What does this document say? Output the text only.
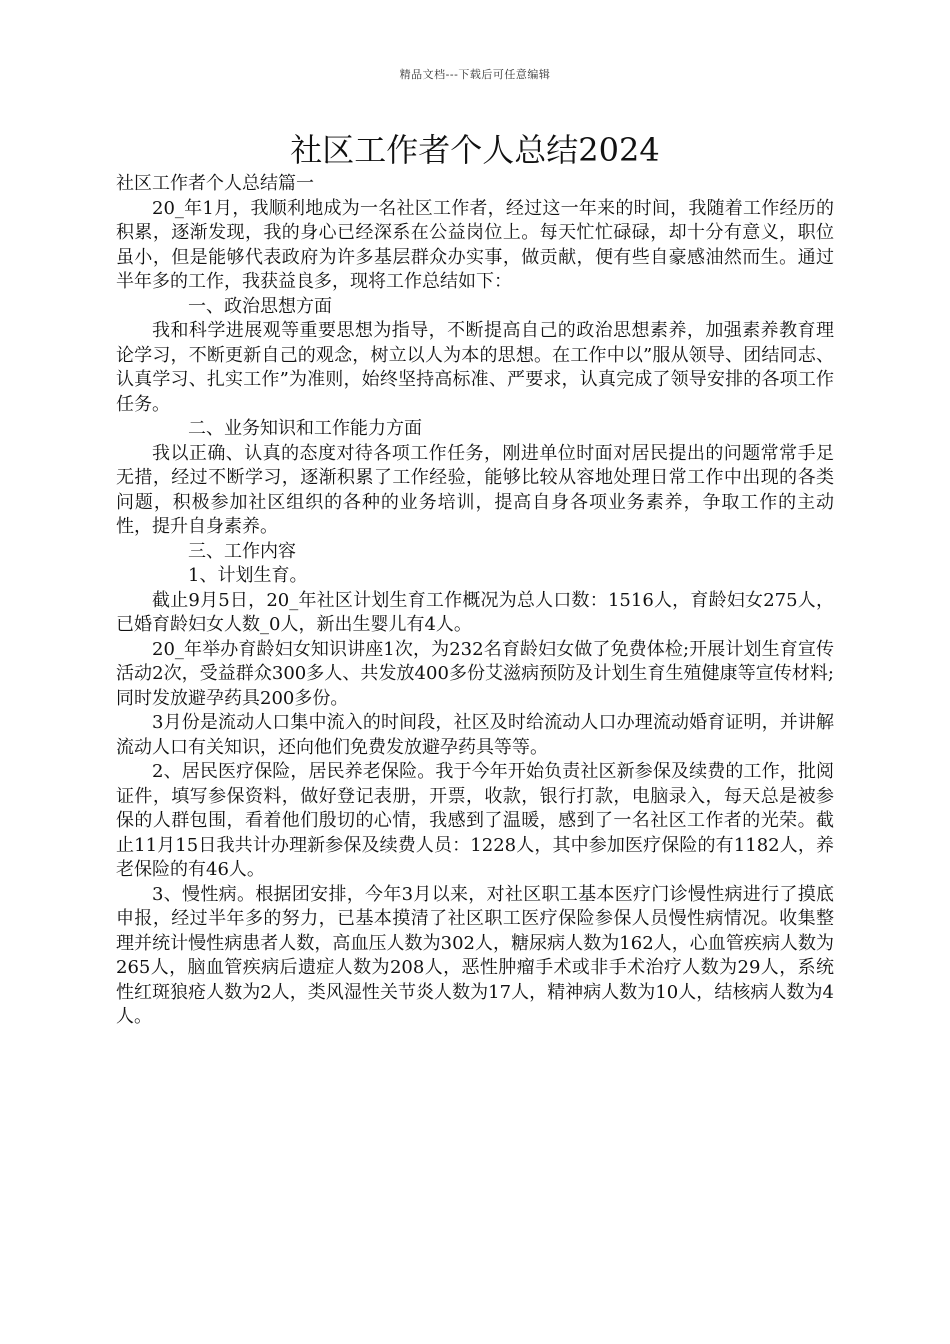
精品文档---下载后可任意编辑
社区工作者个人总结2024

社区工作者个人总结篇一

20_年1月，我顺利地成为一名社区工作者，经过这一年来的时间，我随着工作经历的积累，逐渐发现，我的身心已经深系在公益岗位上。每天忙忙碌碌，却十分有意义，职位虽小，但是能够代表政府为许多基层群众办实事，做贡献，便有些自豪感油然而生。通过半年多的工作，我获益良多，现将工作总结如下：

一、政治思想方面

我和科学进展观等重要思想为指导，不断提高自己的政治思想素养，加强素养教育理论学习，不断更新自己的观念，树立以人为本的思想。在工作中以”服从领导、团结同志、认真学习、扎实工作”为准则，始终坚持高标准、严要求，认真完成了领导安排的各项工作任务。

二、业务知识和工作能力方面

我以正确、认真的态度对待各项工作任务，刚进单位时面对居民提出的问题常常手足无措，经过不断学习，逐渐积累了工作经验，能够比较从容地处理日常工作中出现的各类问题，积极参加社区组织的各种的业务培训，提高自身各项业务素养，争取工作的主动性，提升自身素养。

三、工作内容

1、计划生育。

截止9月5日，20_年社区计划生育工作概况为总人口数：1516人，育龄妇女275人，已婚育龄妇女人数_0人，新出生婴儿有4人。

20_年举办育龄妇女知识讲座1次，为232名育龄妇女做了免费体检;开展计划生育宣传活动2次，受益群众300多人、共发放400多份艾滋病预防及计划生育生殖健康等宣传材料;同时发放避孕药具200多份。

3月份是流动人口集中流入的时间段，社区及时给流动人口办理流动婚育证明，并讲解流动人口有关知识，还向他们免费发放避孕药具等等。

2、居民医疗保险，居民养老保险。我于今年开始负责社区新参保及续费的工作，批阅证件，填写参保资料，做好登记表册，开票，收款，银行打款，电脑录入，每天总是被参保的人群包围，看着他们殷切的心情，我感到了温暖，感到了一名社区工作者的光荣。截止11月15日我共计办理新参保及续费人员：1228人，其中参加医疗保险的有1182人，养老保险的有46人。

3、慢性病。根据团安排，今年3月以来，对社区职工基本医疗门诊慢性病进行了摸底申报，经过半年多的努力，已基本摸清了社区职工医疗保险参保人员慢性病情况。收集整理并统计慢性病患者人数，高血压人数为302人，糖尿病人数为162人，心血管疾病人数为265人，脑血管疾病后遗症人数为208人，恶性肿瘤手术或非手术治疗人数为29人，系统性红斑狼疮人数为2人，类风湿性关节炎人数为17人，精神病人数为10人，结核病人数为4人。
